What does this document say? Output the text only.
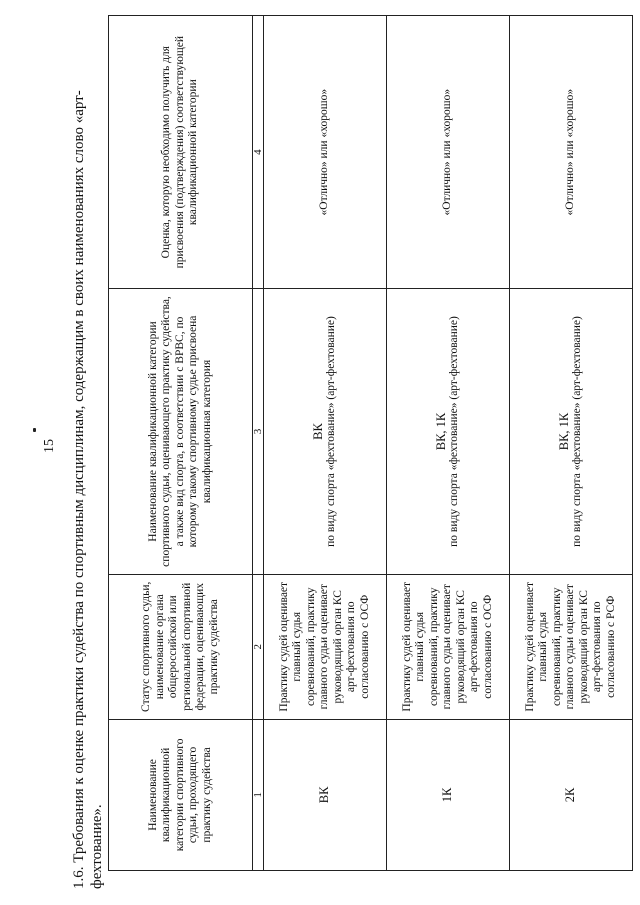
15 1.6. Требования к оценке практики судейства по спортивным дисциплинам, содержащим в своих наименованиях слово «арт-фехтование».
Наименование квалификационной категории спортивного судьи, проходящего практику судейства	Статус спортивного судьи, наименование органа общероссийской или региональной спортивной федерации, оценивающих практику судейства	Наименование квалификационной категории спортивного судьи, оценивающего практику судейства, а также вид спорта, в соответствии с ВРВС, по которому такому спортивному судье присвоена квалификационная категория	Оценка, которую необходимо получить для присвоения (подтверждения) соответствующей квалификационной категории
1	2	3	4
ВК	Практику судей оценивает главный судья соревнований, практику главного судьи оценивает руководящий орган КС арт-фехтования по согласованию с ОСФ	ВК по виду спорта «фехтование» (арт-фехтование)	«Отлично» или «хорошо»
1К	Практику судей оценивает главный судья соревнований, практику главного судьи оценивает руководящий орган КС арт-фехтования по согласованию с ОСФ	ВК, 1К по виду спорта «фехтование» (арт-фехтование)	«Отлично» или «хорошо»
2К	Практику судей оценивает главный судья соревнований, практику главного судьи оценивает руководящий орган КС арт-фехтования по согласованию с РСФ	ВК, 1К по виду спорта «фехтование» (арт-фехтование)	«Отлично» или «хорошо»
